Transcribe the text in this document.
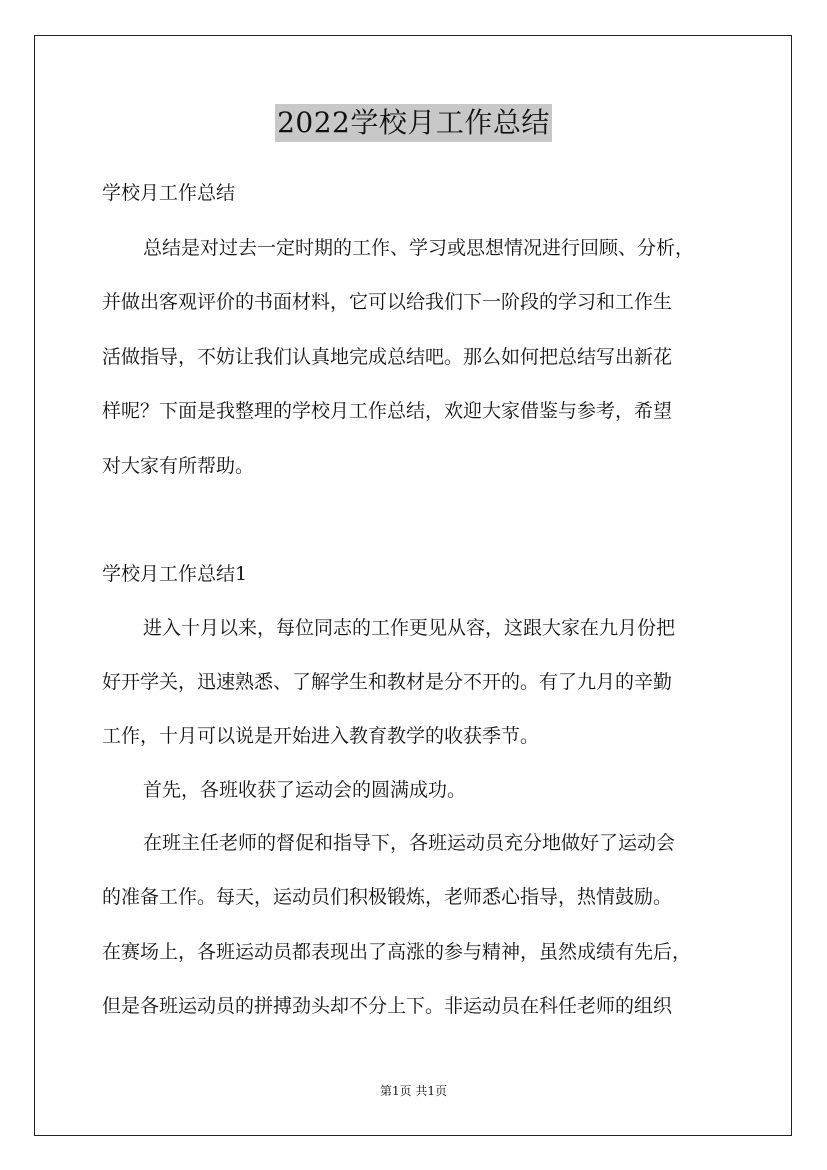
2022学校月工作总结
学校月工作总结
总结是对过去一定时期的工作、学习或思想情况进行回顾、分析，
并做出客观评价的书面材料，它可以给我们下一阶段的学习和工作生
活做指导，不妨让我们认真地完成总结吧。那么如何把总结写出新花
样呢？下面是我整理的学校月工作总结，欢迎大家借鉴与参考，希望
对大家有所帮助。
学校月工作总结1
进入十月以来，每位同志的工作更见从容，这跟大家在九月份把
好开学关，迅速熟悉、了解学生和教材是分不开的。有了九月的辛勤
工作，十月可以说是开始进入教育教学的收获季节。
首先，各班收获了运动会的圆满成功。
在班主任老师的督促和指导下，各班运动员充分地做好了运动会
的准备工作。每天，运动员们积极锻炼，老师悉心指导，热情鼓励。
在赛场上，各班运动员都表现出了高涨的参与精神，虽然成绩有先后，
但是各班运动员的拼搏劲头却不分上下。非运动员在科任老师的组织
第1页 共1页
